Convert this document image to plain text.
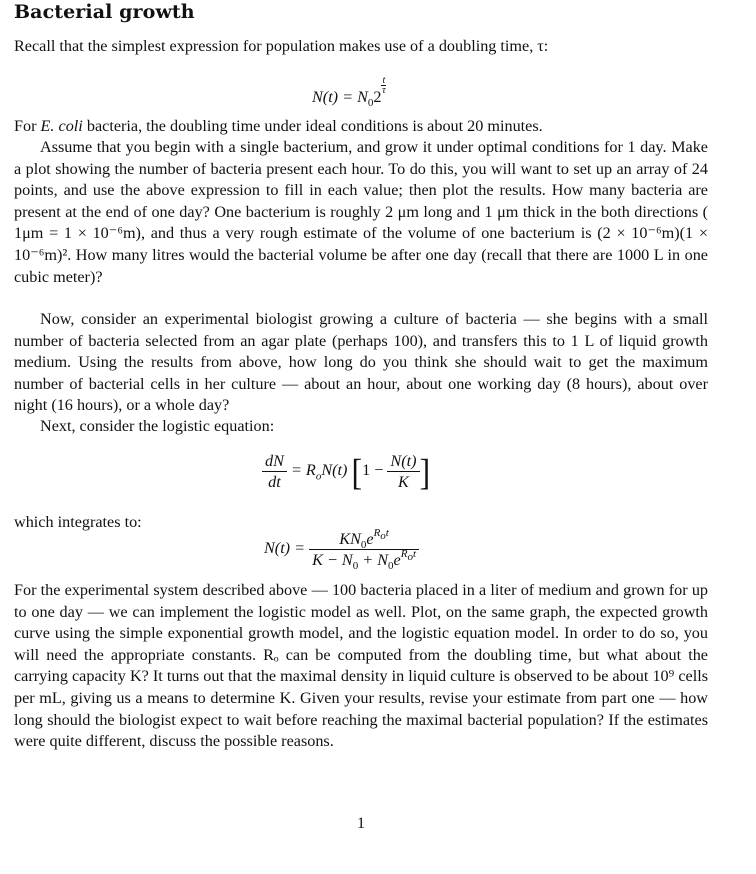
Bacterial growth

Recall that the simplest expression for population makes use of a doubling time, τ:

$N(t) = N_02$
$\frac{t}{\tau}$

For E. coli bacteria, the doubling time under ideal conditions is about 20 minutes.

Assume that you begin with a single bacterium, and grow it under optimal conditions for 1 day. Make a plot showing the number of bacteria present each hour. To do this, you will want to set up an array of 24 points, and use the above expression to fill in each value; then plot the results. How many bacteria are present at the end of one day? One bacterium is roughly 2 μm long and 1 μm thick in the both directions ( 1μm = 1 × 10⁻⁶m), and thus a very rough estimate of the volume of one bacterium is (2 × 10⁻⁶m)(1 × 10⁻⁶m)². How many litres would the bacterial volume be after one day (recall that there are 1000 L in one cubic meter)?

Now, consider an experimental biologist growing a culture of bacteria — she begins with a small number of bacteria selected from an agar plate (perhaps 100), and transfers this to 1 L of liquid growth medium. Using the results from above, how long do you think she should wait to get the maximum number of bacterial cells in her culture — about an hour, about one working day (8 hours), about over night (16 hours), or a whole day?

Next, consider the logistic equation:

$\frac{dN}{dt} = R_oN(t) [1 - \frac{N(t)}{K}$ ]

which integrates to:

$N(t) = \frac{KN_0e^{R_ot}}{K - N_0 + N_0e^{R_ot}}$

For the experimental system described above — 100 bacteria placed in a liter of medium and grown for up to one day — we can implement the logistic model as well. Plot, on the same graph, the expected growth curve using the simple exponential growth model, and the logistic equation model. In order to do so, you will need the appropriate constants. Rₒ can be computed from the doubling time, but what about the carrying capacity K? It turns out that the maximal density in liquid culture is observed to be about 10⁹ cells per mL, giving us a means to determine K. Given your results, revise your estimate from part one — how long should the biologist expect to wait before reaching the maximal bacterial population? If the estimates were quite different, discuss the possible reasons.

1
